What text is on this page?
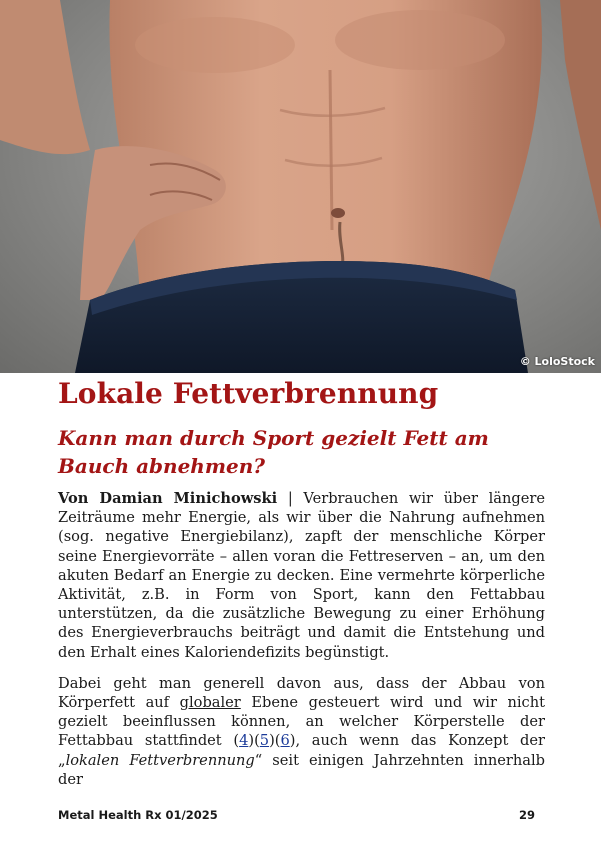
© LoloStock
Lokale Fettverbrennung
Kann man durch Sport gezielt Fett am Bauch abnehmen?

Von Damian Minichowski | Verbrauchen wir über längere Zeiträume mehr Energie, als wir über die Nahrung aufnehmen (sog. negative Energiebilanz), zapft der menschliche Körper seine Energievorräte – allen voran die Fettreserven – an, um den akuten Bedarf an Energie zu decken. Eine vermehrte körperliche Aktivität, z.B. in Form von Sport, kann den Fettabbau unterstützen, da die zusätzliche Bewegung zu einer Erhöhung des Energieverbrauchs beiträgt und damit die Entstehung und den Erhalt eines Kaloriendefizits begünstigt.

Dabei geht man generell davon aus, dass der Abbau von Körperfett auf globaler Ebene gesteuert wird und wir nicht gezielt beeinflussen können, an welcher Körperstelle der Fettabbau stattfindet (4)(5)(6), auch wenn das Konzept der „lokalen Fettverbrennung“ seit einigen Jahrzehnten innerhalb der

Metal Health Rx 01/2025	29
